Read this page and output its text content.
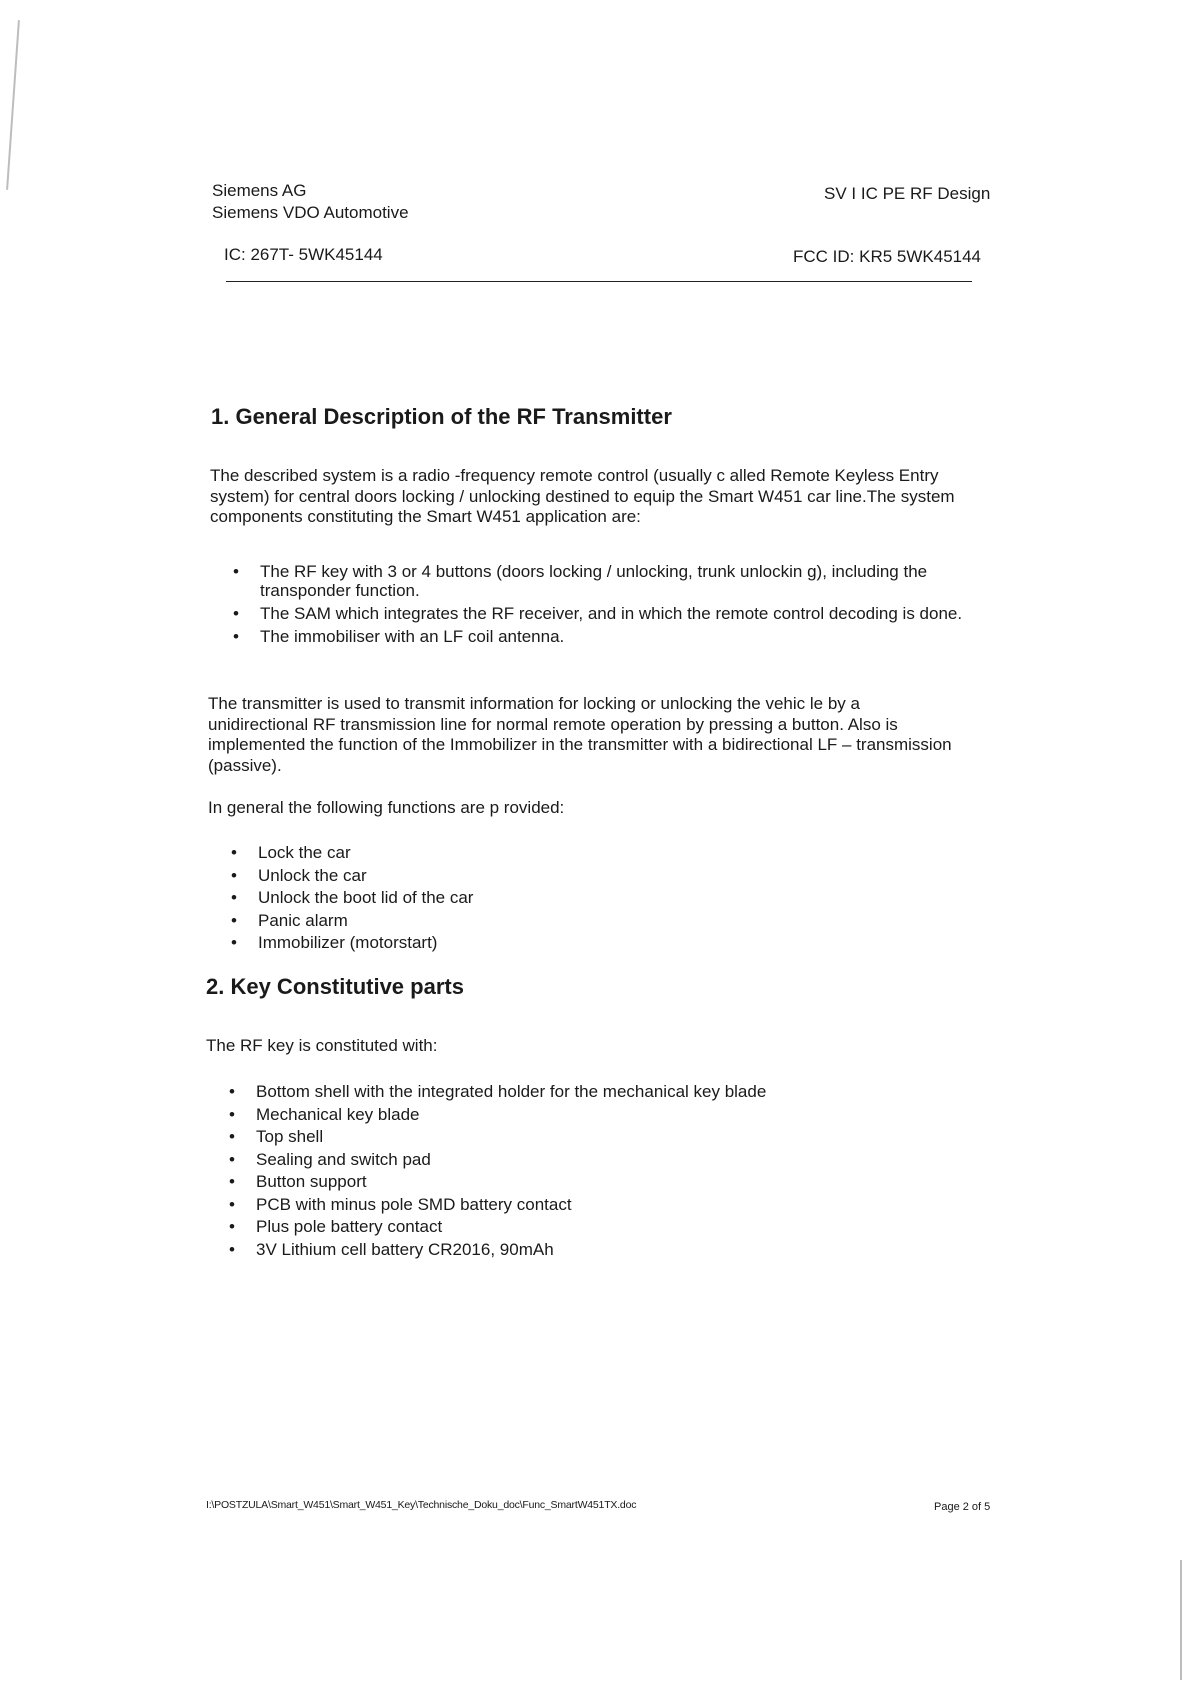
Siemens AG
Siemens VDO Automotive
SV I IC PE RF Design
IC: 267T- 5WK45144	FCC ID: KR5 5WK45144
1. General Description of the RF Transmitter

The described system is a radio -frequency remote control (usually c alled Remote Keyless Entry system) for central doors locking / unlocking destined to equip the Smart W451 car line.The system components constituting the Smart W451 application are:

• The RF key with 3 or 4 buttons (doors locking / unlocking, trunk unlockin g), including the transponder function.
• The SAM which integrates the RF receiver, and in which the remote control decoding is done.
• The immobiliser with an LF coil antenna.

The transmitter is used to transmit information for locking or unlocking the vehic le by a unidirectional RF transmission line for normal remote operation by pressing a button. Also is implemented the function of the Immobilizer in the transmitter with a bidirectional LF – transmission (passive).

In general the following functions are p rovided:

• Lock the car
• Unlock the car
• Unlock the boot lid of the car
• Panic alarm
• Immobilizer (motorstart)
2. Key Constitutive parts

The RF key is constituted with:

• Bottom shell with the integrated holder for the mechanical key blade
• Mechanical key blade
• Top shell
• Sealing and switch pad
• Button support
• PCB with minus pole SMD battery contact
• Plus pole battery contact
• 3V Lithium cell battery CR2016, 90mAh
I:\POSTZULA\Smart_W451\Smart_W451_Key\Technische_Doku_doc\Func_SmartW451TX.doc	Page 2 of 5
